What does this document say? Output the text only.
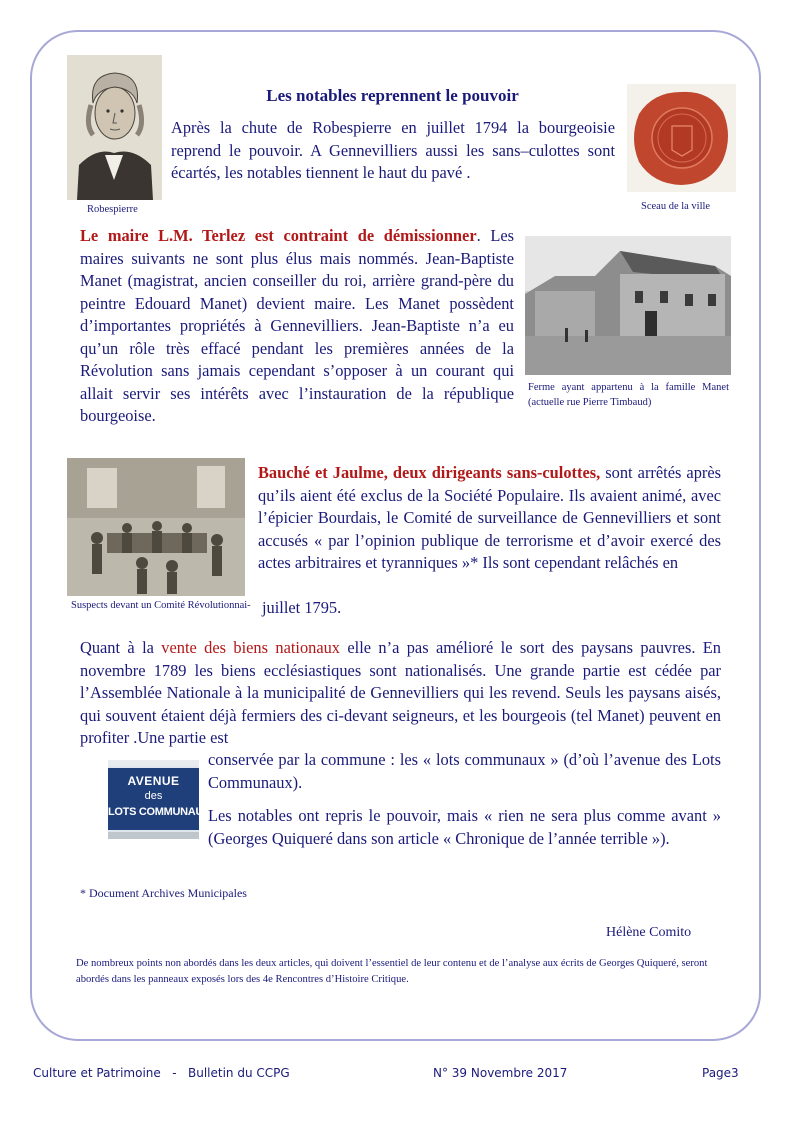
Robespierre	Sceau de la ville
Les notables reprennent le pouvoir
Après la chute de Robespierre en juillet 1794 la bourgeoisie reprend le pouvoir. A Gennevilliers aussi les sans–culottes sont écartés, les notables tiennent le haut du pavé .
Le maire L.M. Terlez est contraint de démissionner. Les maires suivants ne sont plus élus mais nommés. Jean-Baptiste Manet (magistrat, ancien conseiller du roi, arrière grand-père du peintre Edouard Manet) devient maire. Les Manet possèdent d’importantes propriétés à Gennevilliers. Jean-Baptiste n’a eu qu’un rôle très effacé pendant les premières années de la Révolution sans jamais cependant s’opposer à un courant qui allait servir ses intérêts avec l’instauration de la république bourgeoise.
Ferme ayant appartenu à la famille Manet (actuelle rue Pierre Timbaud)
Suspects devant un Comité Révolutionnai-
Bauché et Jaulme, deux dirigeants sans-culottes, sont arrêtés après qu’ils aient été exclus de la Société Populaire. Ils avaient animé, avec l’épicier Bourdais, le Comité de surveillance de Gennevilliers et sont accusés « par l’opinion publique de terrorisme et d’avoir exercé des actes arbitraires et tyranniques »* Ils sont cependant relâchés en
juillet 1795.
Quant à la vente des biens nationaux elle n’a pas amélioré le sort des paysans pauvres. En novembre 1789 les biens ecclésiastiques sont nationalisés. Une grande partie est cédée par l’Assemblée Nationale à la municipalité de Gennevilliers qui les revend. Seuls les paysans aisés, qui souvent étaient déjà fermiers des ci-devant seigneurs, et les bourgeois (tel Manet) peuvent en profiter .Une partie est
AVENUE
des
LOTS COMMUNAUX
conservée par la commune : les « lots communaux » (d’où l’avenue des Lots Communaux).
Les notables ont repris le pouvoir, mais « rien ne sera plus comme avant » (Georges Quiqueré dans son article « Chronique de l’année terrible »).
* Document Archives Municipales
Hélène Comito
De nombreux points non abordés dans les deux articles, qui doivent l’essentiel de leur contenu et de l’analyse aux écrits de Georges Quiqueré, seront abordés dans les panneaux exposés lors des 4e Rencontres d’Histoire Critique.
Culture et Patrimoine   -   Bulletin du CCPG	N° 39 Novembre 2017	Page3
